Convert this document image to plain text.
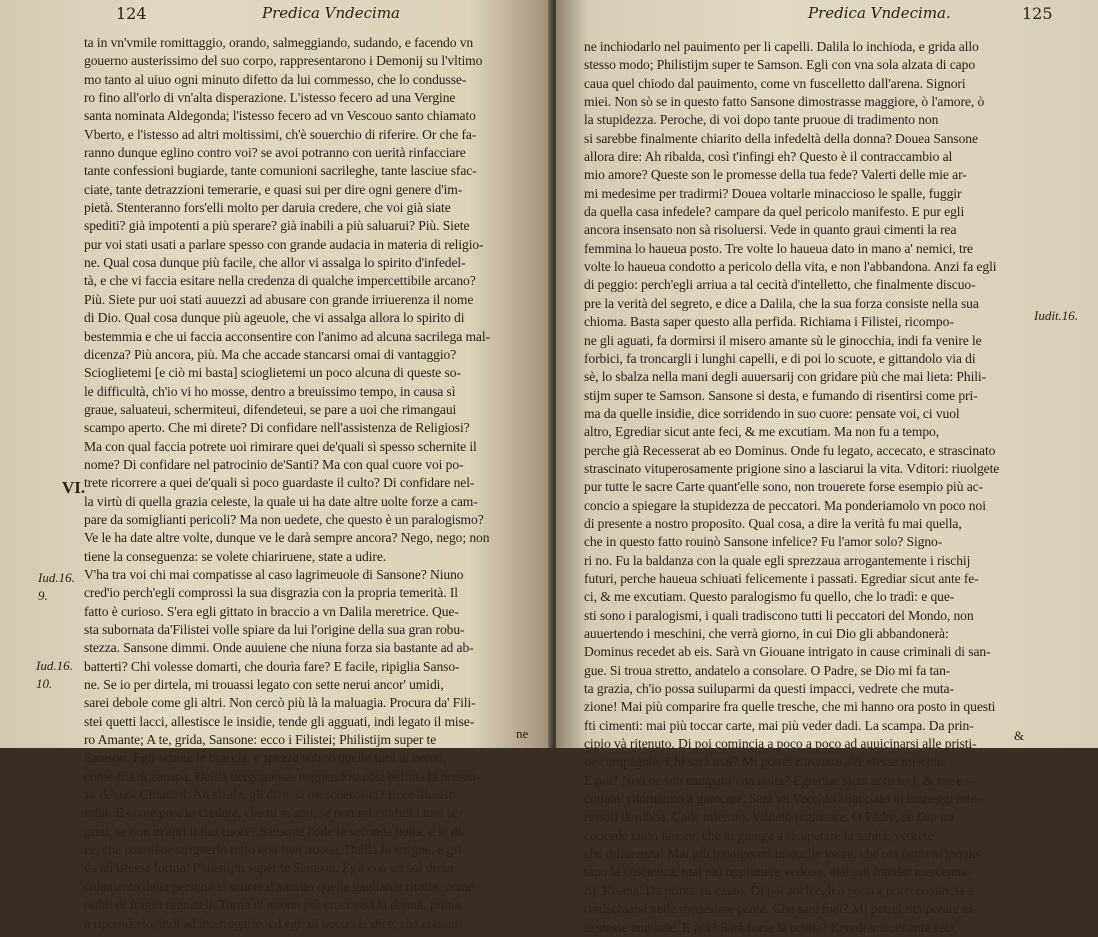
124	Predica Vndecima
ta in vn'vmile romittaggio, orando, salmeggiando, sudando, e facendo vn
gouerno austerissimo del suo corpo, rappresentarono i Demonij su l'vltimo
mo tanto al uiuo ogni minuto difetto da lui commesso, che lo condusse-
ro fino all'orlo di vn'alta disperazione. L'istesso fecero ad una Vergine
santa nominata Aldegonda; l'istesso fecero ad vn Vescouo santo chiamato
Vberto, e l'istesso ad altri moltissimi, ch'è souerchio di riferire. Or che fa-
ranno dunque eglino contro voi? se avoi potranno con uerità rinfacciare
tante confessioni bugiarde, tante comunioni sacrileghe, tante lasciue sfac-
ciate, tante detrazzioni temerarie, e quasi sui per dire ogni genere d'im-
pietà. Stenteranno fors'elli molto per daruia credere, che voi già siate
spediti? già impotenti a più sperare? già inabili a più saluarui? Più. Siete
pur voi stati usati a parlare spesso con grande audacia in materia di religio-
ne. Qual cosa dunque più facile, che allor vi assalga lo spirito d'infedel-
tà, e che vi faccia esitare nella credenza di qualche impercettibile arcano?
Più. Siete pur uoi stati auuezzi ad abusare con grande irriuerenza il nome
di Dio. Qual cosa dunque più ageuole, che vi assalga allora lo spirito di
bestemmia e che ui faccia acconsentire con l'animo ad alcuna sacrilega mal-
dicenza? Più ancora, più. Ma che accade stancarsi omai di vantaggio?
Scioglietemi [e ciò mi basta] scioglietemi un poco alcuna di queste so-
le difficultà, ch'io vi ho mosse, dentro a breuissimo tempo, in causa sì
graue, saluateui, schermiteui, difendeteui, se pare a uoi che rimangaui
scampo aperto. Che mi direte? Di confidare nell'assistenza de Religiosi?
Ma con qual faccia potrete uoi rimirare quei de'quali sì spesso schernite il
nome? Di confidare nel patrocinio de'Santi? Ma con qual cuore voi po-
trete ricorrere a quei de'quali sì poco guardaste il culto? Di confidare nel-
la virtù di quella grazia celeste, la quale ui ha date altre uolte forze a cam-
pare da somiglianti pericoli? Ma non uedete, che questo è un paralogismo?
Ve le ha date altre volte, dunque ve le darà sempre ancora? Nego, nego; non
tiene la conseguenza: se volete chiariruene, state a udire.
V'ha tra voi chi mai compatisse al caso lagrimeuole di Sansone? Niuno
cred'io perch'egli comprossi la sua disgrazia con la propria temerità. Il
fatto è curioso. S'era egli gittato in braccio a vn Dalila meretrice. Que-
sta subornata da'Filistei volle spiare da lui l'origine della sua gran robu-
stezza. Sansone dimmi. Onde auuiene che niuna forza sia bastante ad ab-
batterti? Chi volesse domarti, che dourìa fare? E facile, ripiglia Sanso-
ne. Se io per dirtela, mi trouassi legato con sette nerui ancor' umidi,
sarei debole come gli altri. Non cercò più là la maluagia. Procura da' Fili-
stei quetti lacci, allestisce le insidie, tende gli agguati, indi legato il mise-
ro Amante; A te, grida, Sansone: ecco i Filistei; Philistijm super te
Samson. Egli scuote le braccia, e spezza subito quelle funi di neruo,
come fila di canapa. Dalila uergognosa, ueggendosi così beffata la presen-
za de'suoi Cittadini: Ah sleale, gli dice, sì mi schernisci? Ecce illusisti
mihi. E come poss'io credere, che tu m'ami, se non mi confidi i tuoi se-
greti, se non m'apri il tuo cuore? Sansone l'ode la seconda uolta, e le di-
ce, che conuiene strignerlo tutto con funi nuoue. Dalila lo strigne, e gri-
da all'istessa forma: Philistijm super te Samson. Egli con un sol divin-
colamento della persona si scuote d'attorno quelle gagliarde ritorte, come
orditi di fragili ragnateli. Torna di nuouo più crucciosa la donna, prima
a riprenderlo, indi ad interrogarlo, ed egli di nuouo le dice, che conuie-
VI.
Iud.16.
9.
Iud.16.
10.
ne
Predica Vndecima.	125
ne inchiodarlo nel pauimento per li capelli. Dalila lo inchioda, e grida allo
stesso modo; Philistijm super te Samson. Egli con vna sola alzata di capo
caua quel chiodo dal pauimento, come vn fuscelletto dall'arena. Signori
miei. Non sò se in questo fatto Sansone dimostrasse maggiore, ò l'amore, ò
la stupidezza. Peroche, di voi dopo tante pruoue di tradimento non
si sarebbe finalmente chiarito della infedeltà della donna? Douea Sansone
allora dire: Ah ribalda, così t'infingi eh? Questo è il contraccambio al
mio amore? Queste son le promesse della tua fede? Valerti delle mie ar-
mi medesime per tradirmi? Douea voltarle minaccioso le spalle, fuggir
da quella casa infedele? campare da quel pericolo manifesto. E pur egli
ancora insensato non sà risoluersi. Vede in quanto graui cimenti la rea
femmina lo haueua posto. Tre volte lo haueua dato in mano a' nemici, tre
volte lo haueua condotto a pericolo della vita, e non l'abbandona. Anzi fa egli
di peggio: perch'egli arriua a tal cecità d'intelletto, che finalmente discuo-
pre la verità del segreto, e dice a Dalila, che la sua forza consiste nella sua
chioma. Basta saper questo alla perfida. Richiama i Filistei, ricompo-
ne gli aguati, fa dormirsi il misero amante sù le ginocchia, indi fa venire le
forbici, fa troncargli i lunghi capelli, e di poi lo scuote, e gittandolo via di
sè, lo sbalza nella mani degli auuersarij con gridare più che mai lieta: Phili-
stijm super te Samson. Sansone si desta, e fumando di risentirsi come pri-
ma da quelle insidie, dice sorridendo in suo cuore: pensate voi, ci vuol
altro, Egrediar sicut ante feci, & me excutiam. Ma non fu a tempo,
perche già Recesserat ab eo Dominus. Onde fu legato, accecato, e strascinato
strascinato vituperosamente prigione sino a lasciarui la vita. Vditori: riuolgete
pur tutte le sacre Carte quant'elle sono, non trouerete forse esempio più ac-
concio a spiegare la stupidezza de peccatori. Ma ponderiamolo vn poco noi
di presente a nostro proposito. Qual cosa, a dire la verità fu mai quella,
che in questo fatto rouinò Sansone infelice? Fu l'amor solo? Signo-
ri no. Fu la baldanza con la quale egli sprezzaua arrogantemente i rischij
futuri, perche haueua schiuati felicemente i passati. Egrediar sicut ante fe-
ci, & me excutiam. Questo paralogismo fu quello, che lo tradì: e que-
sti sono i paralogismi, i quali tradiscono tutti li peccatori del Mondo, non
auuertendo i meschini, che verrà giorno, in cui Dio gli abbandonerà:
Dominus recedet ab eis. Sarà vn Giouane intrigato in cause criminali di san-
gue. Si troua stretto, andatelo a consolare. O Padre, se Dio mi fa tan-
ta grazia, ch'io possa suiluparmi da questi impacci, vedrete che muta-
zione! Mai più comparire fra quelle tresche, che mi hanno ora posto in questi
fti cimenti: mai più toccar carte, mai più veder dadi. La scampa. Da prin-
cipio và ritenuto. Di poi comincia a poco a poco ad auuicinarsi alle pristi-
ne compagnie. Chi sarà mai? Mi potrei ritrouare alle stesse mischie.
E poi? Non ne son campato vna uolta? Egrediar sicut ante feci, & me ex-
cutiam: ritorniamo a giuocare. Sarà vn Vecchio allacciato in maneggi inte-
ressati di robba. Cade infermo. Vditelo ragionare. O Padre, se Dio mi
concede tanto fauore, che io giunga a ricuperare la sanità, vedrete
che differenza! Mai più inuolgermi in quelle vsure, che ora tanto m'inquie-
tano la coscienza, mai più opprimere vedoue, mai più fraudar mercenna-
rij. Risana. Da prima va cauto. Di poi anch'egli a poco a poco comincia a
rimischiarsi nelle medesime panie. Che sarà mai? Mi potrei ricuperare al-
le stesse angustie. E poi? Sarà forse la prima? Egrediar sicut ante feci,
Iudit.16.
&
